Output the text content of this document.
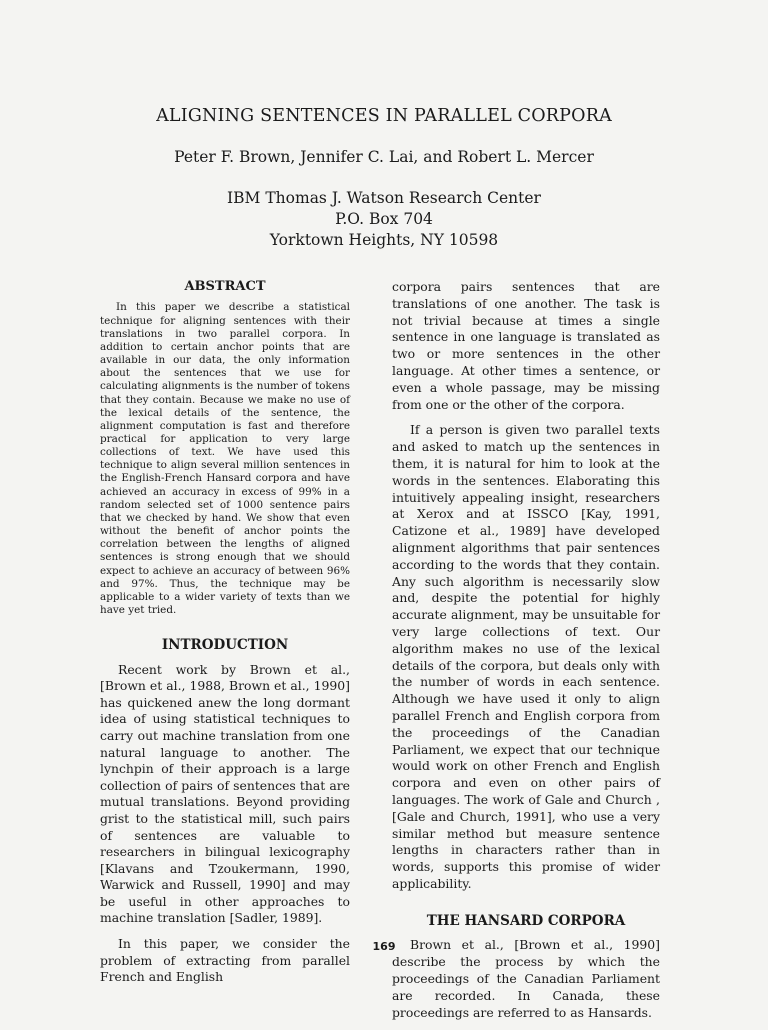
ALIGNING SENTENCES IN PARALLEL CORPORA
Peter F. Brown, Jennifer C. Lai, and Robert L. Mercer
IBM Thomas J. Watson Research Center
P.O. Box 704
Yorktown Heights, NY 10598
ABSTRACT

In this paper we describe a statistical technique for aligning sentences with their translations in two parallel corpora. In addition to certain anchor points that are available in our data, the only information about the sentences that we use for calculating alignments is the number of tokens that they contain. Because we make no use of the lexical details of the sentence, the alignment computation is fast and therefore practical for application to very large collections of text. We have used this technique to align several million sentences in the English-French Hansard corpora and have achieved an accuracy in excess of 99% in a random selected set of 1000 sentence pairs that we checked by hand. We show that even without the benefit of anchor points the correlation between the lengths of aligned sentences is strong enough that we should expect to achieve an accuracy of between 96% and 97%. Thus, the technique may be applicable to a wider variety of texts than we have yet tried.

INTRODUCTION

Recent work by Brown et al., [Brown et al., 1988, Brown et al., 1990] has quickened anew the long dormant idea of using statistical techniques to carry out machine translation from one natural language to another. The lynchpin of their approach is a large collection of pairs of sentences that are mutual translations. Beyond providing grist to the statistical mill, such pairs of sentences are valuable to researchers in bilingual lexicography [Klavans and Tzoukermann, 1990, Warwick and Russell, 1990] and may be useful in other approaches to machine translation [Sadler, 1989].

In this paper, we consider the problem of extracting from parallel French and English

corpora pairs sentences that are translations of one another. The task is not trivial because at times a single sentence in one language is translated as two or more sentences in the other language. At other times a sentence, or even a whole passage, may be missing from one or the other of the corpora.

If a person is given two parallel texts and asked to match up the sentences in them, it is natural for him to look at the words in the sentences. Elaborating this intuitively appealing insight, researchers at Xerox and at ISSCO [Kay, 1991, Catizone et al., 1989] have developed alignment algorithms that pair sentences according to the words that they contain. Any such algorithm is necessarily slow and, despite the potential for highly accurate alignment, may be unsuitable for very large collections of text. Our algorithm makes no use of the lexical details of the corpora, but deals only with the number of words in each sentence. Although we have used it only to align parallel French and English corpora from the proceedings of the Canadian Parliament, we expect that our technique would work on other French and English corpora and even on other pairs of languages. The work of Gale and Church , [Gale and Church, 1991], who use a very similar method but measure sentence lengths in characters rather than in words, supports this promise of wider applicability.

THE HANSARD CORPORA

Brown et al., [Brown et al., 1990] describe the process by which the proceedings of the Canadian Parliament are recorded. In Canada, these proceedings are referred to as Hansards.

169
